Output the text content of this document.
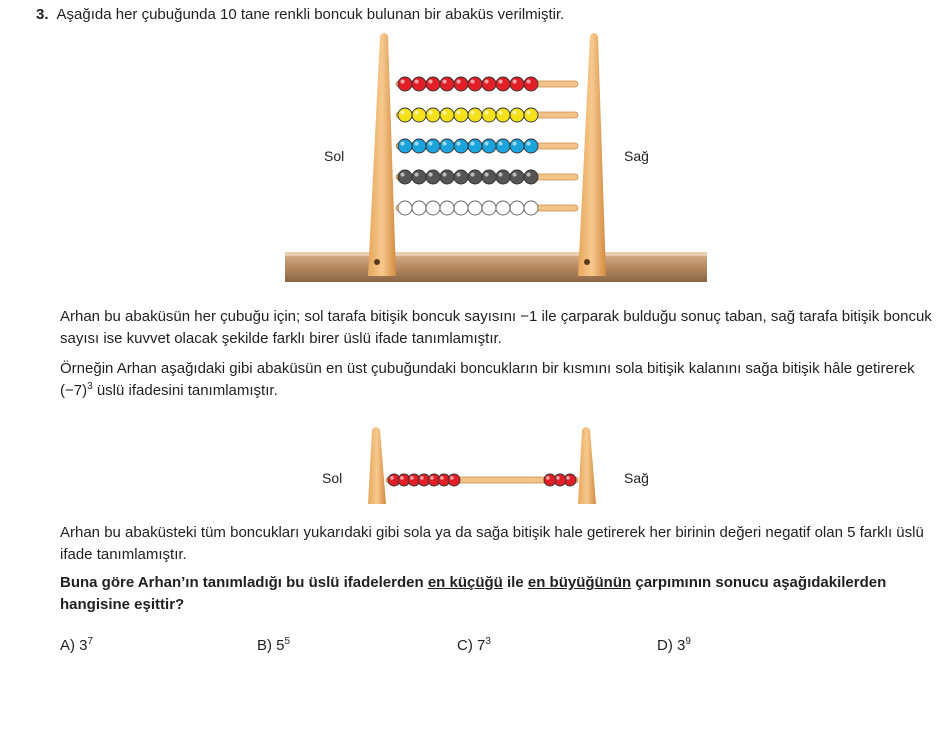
3. Aşağıda her çubuğunda 10 tane renkli boncuk bulunan bir abaküs verilmiştir.
Sol	Sağ
Arhan bu abaküsün her çubuğu için; sol tarafa bitişik boncuk sayısını −1 ile çarparak bulduğu sonuç taban, sağ tarafa bitişik boncuk sayısı ise kuvvet olacak şekilde farklı birer üslü ifade tanımlamıştır.
Örneğin Arhan aşağıdaki gibi abaküsün en üst çubuğundaki boncukların bir kısmını sola bitişik kalanını sağa bitişik hâle getirerek $(-7)^3$ üslü ifadesini tanımlamıştır.
Sol	Sağ
Arhan bu abaküsteki tüm boncukları yukarıdaki gibi sola ya da sağa bitişik hale getirerek her birinin değeri negatif olan 5 farklı üslü ifade tanımlamıştır.
Buna göre Arhan’ın tanımladığı bu üslü ifadelerden en küçüğü ile en büyüğünün çarpımının sonucu aşağıdakilerden hangisine eşittir?
A) $3^7$	B) $5^5$	C) $7^3$	D) $3^9$
